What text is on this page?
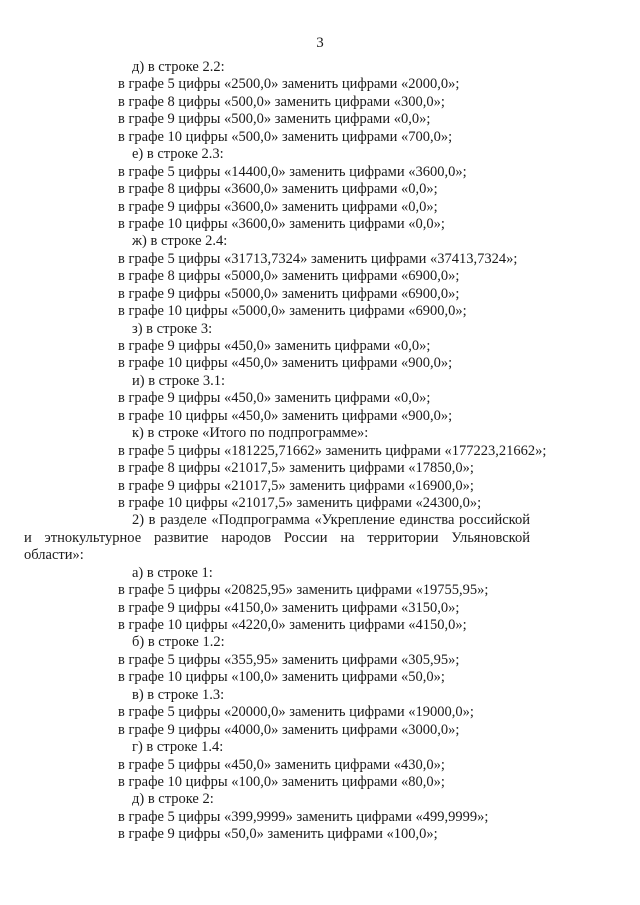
3

д) в строке 2.2:

в графе 5 цифры «2500,0» заменить цифрами «2000,0»;

в графе 8 цифры «500,0» заменить цифрами «300,0»;

в графе 9 цифры «500,0» заменить цифрами «0,0»;

в графе 10 цифры «500,0» заменить цифрами «700,0»;

е) в строке 2.3:

в графе 5 цифры «14400,0» заменить цифрами «3600,0»;

в графе 8 цифры «3600,0» заменить цифрами «0,0»;

в графе 9 цифры «3600,0» заменить цифрами «0,0»;

в графе 10 цифры «3600,0» заменить цифрами «0,0»;

ж) в строке 2.4:

в графе 5 цифры «31713,7324» заменить цифрами «37413,7324»;

в графе 8 цифры «5000,0» заменить цифрами «6900,0»;

в графе 9 цифры «5000,0» заменить цифрами «6900,0»;

в графе 10 цифры «5000,0» заменить цифрами «6900,0»;

з) в строке 3:

в графе 9 цифры «450,0» заменить цифрами «0,0»;

в графе 10 цифры «450,0» заменить цифрами «900,0»;

и) в строке 3.1:

в графе 9 цифры «450,0» заменить цифрами «0,0»;

в графе 10 цифры «450,0» заменить цифрами «900,0»;

к) в строке «Итого по подпрограмме»:

в графе 5 цифры «181225,71662» заменить цифрами «177223,21662»;

в графе 8 цифры «21017,5» заменить цифрами «17850,0»;

в графе 9 цифры «21017,5» заменить цифрами «16900,0»;

в графе 10 цифры «21017,5» заменить цифрами «24300,0»;

2) в разделе «Подпрограмма «Укрепление единства российской

и этнокультурное развитие народов России на территории Ульяновской

области»:

а) в строке 1:

в графе 5 цифры «20825,95» заменить цифрами «19755,95»;

в графе 9 цифры «4150,0» заменить цифрами «3150,0»;

в графе 10 цифры «4220,0» заменить цифрами «4150,0»;

б) в строке 1.2:

в графе 5 цифры «355,95» заменить цифрами «305,95»;

в графе 10 цифры «100,0» заменить цифрами «50,0»;

в) в строке 1.3:

в графе 5 цифры «20000,0» заменить цифрами «19000,0»;

в графе 9 цифры «4000,0» заменить цифрами «3000,0»;

г) в строке 1.4:

в графе 5 цифры «450,0» заменить цифрами «430,0»;

в графе 10 цифры «100,0» заменить цифрами «80,0»;

д) в строке 2:

в графе 5 цифры «399,9999» заменить цифрами «499,9999»;

в графе 9 цифры «50,0» заменить цифрами «100,0»;
